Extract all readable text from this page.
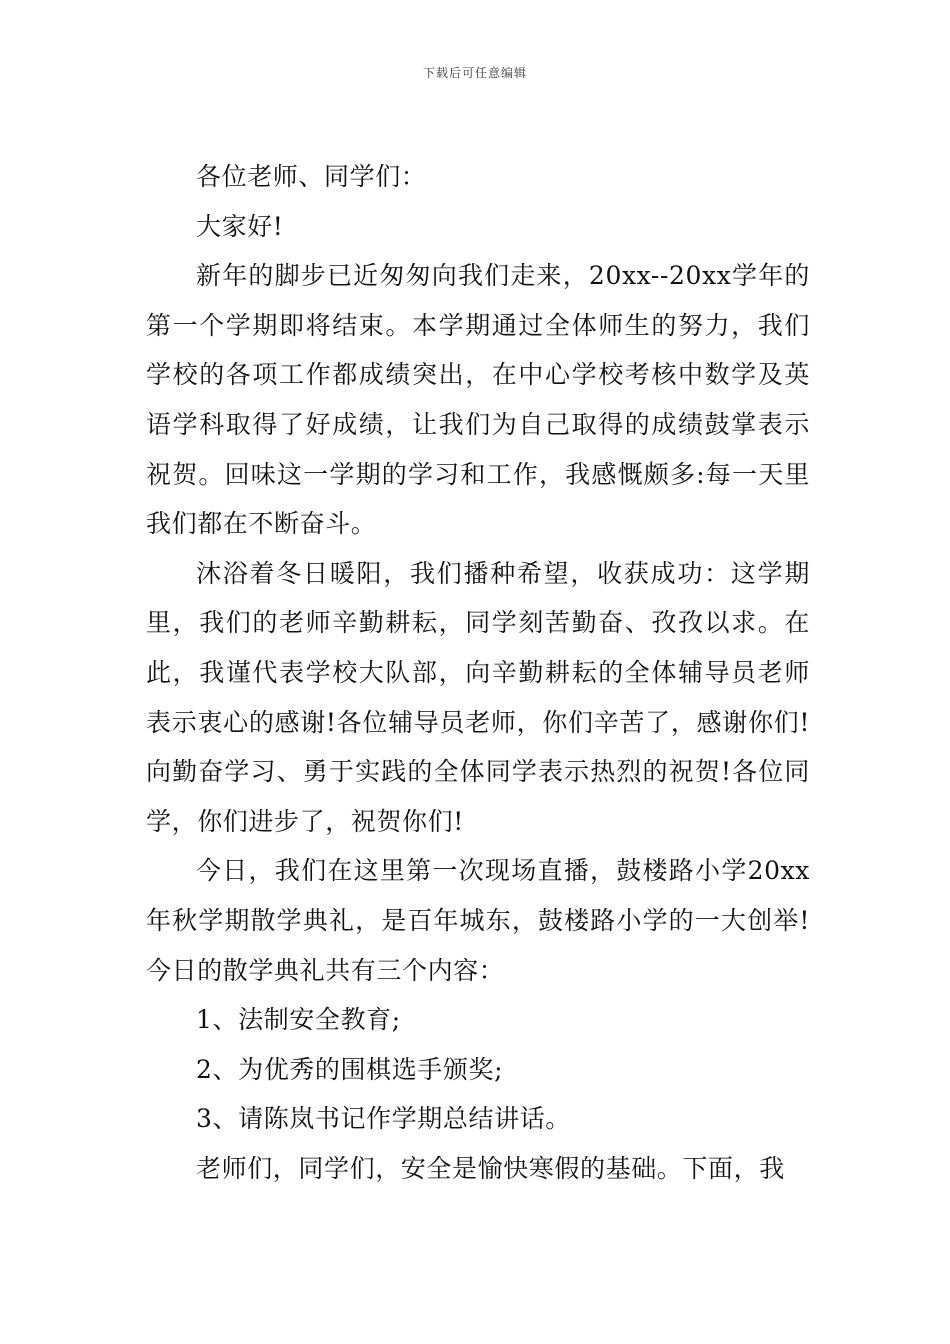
下载后可任意编辑

各位老师、同学们：

大家好!

新年的脚步已近匆匆向我们走来，20xx--20xx学年的第一个学期即将结束。本学期通过全体师生的努力，我们学校的各项工作都成绩突出，在中心学校考核中数学及英语学科取得了好成绩，让我们为自己取得的成绩鼓掌表示祝贺。回味这一学期的学习和工作，我感慨颇多:每一天里我们都在不断奋斗。

沐浴着冬日暖阳，我们播种希望，收获成功：这学期里，我们的老师辛勤耕耘，同学刻苦勤奋、孜孜以求。在此，我谨代表学校大队部，向辛勤耕耘的全体辅导员老师表示衷心的感谢!各位辅导员老师，你们辛苦了，感谢你们!向勤奋学习、勇于实践的全体同学表示热烈的祝贺!各位同学，你们进步了，祝贺你们!

今日，我们在这里第一次现场直播，鼓楼路小学20xx年秋学期散学典礼，是百年城东，鼓楼路小学的一大创举!今日的散学典礼共有三个内容：

1、法制安全教育;

2、为优秀的围棋选手颁奖;

3、请陈岚书记作学期总结讲话。

老师们，同学们，安全是愉快寒假的基础。下面，我
